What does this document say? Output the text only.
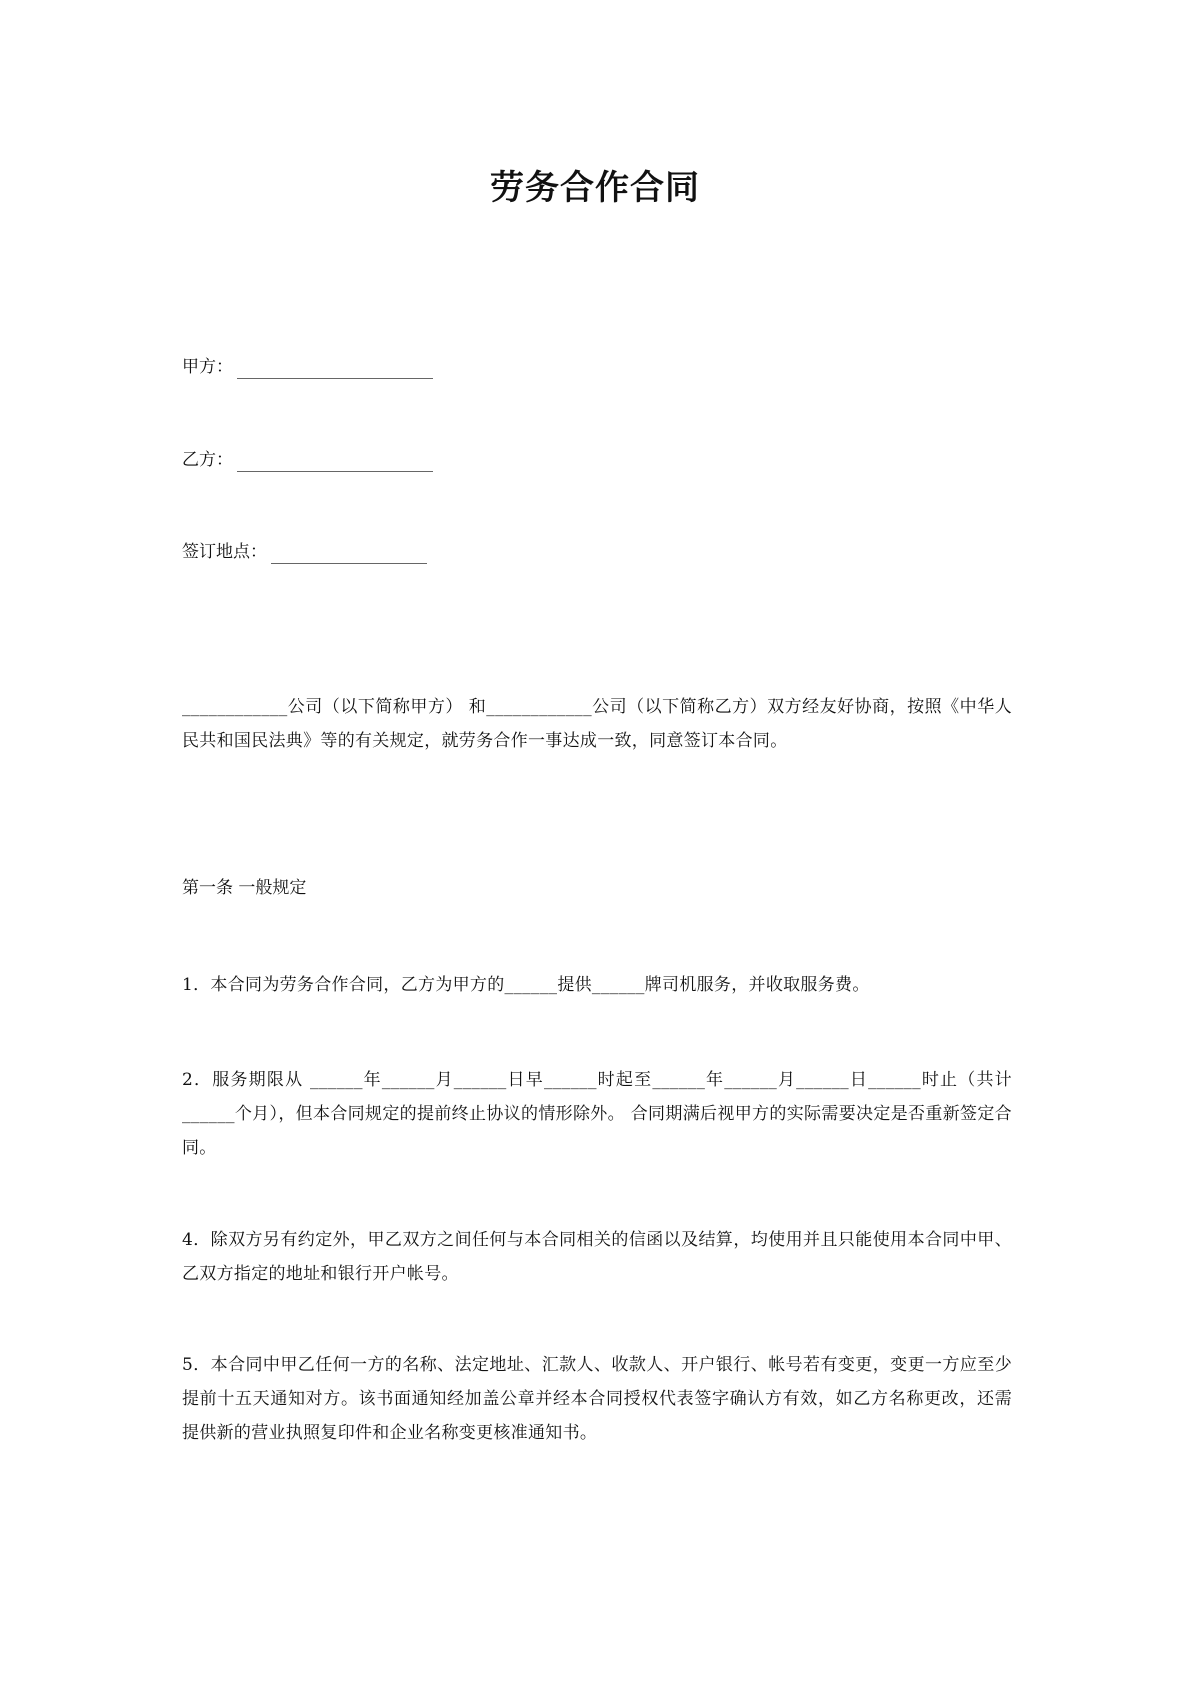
劳务合作合同
甲方：
乙方：
签订地点：
____________公司（以下简称甲方） 和____________公司（以下简称乙方）双方经友好协商，按照《中华人民共和国民法典》等的有关规定，就劳务合作一事达成一致，同意签订本合同。
第一条 一般规定
1．本合同为劳务合作合同，乙方为甲方的______提供______牌司机服务，并收取服务费。
2．服务期限从 ______年______月______日早______时起至______年______月______日______时止（共计______个月），但本合同规定的提前终止协议的情形除外。 合同期满后视甲方的实际需要决定是否重新签定合同。
4．除双方另有约定外，甲乙双方之间任何与本合同相关的信函以及结算，均使用并且只能使用本合同中甲、乙双方指定的地址和银行开户帐号。
5．本合同中甲乙任何一方的名称、法定地址、汇款人、收款人、开户银行、帐号若有变更，变更一方应至少提前十五天通知对方。该书面通知经加盖公章并经本合同授权代表签字确认方有效，如乙方名称更改，还需提供新的营业执照复印件和企业名称变更核准通知书。
